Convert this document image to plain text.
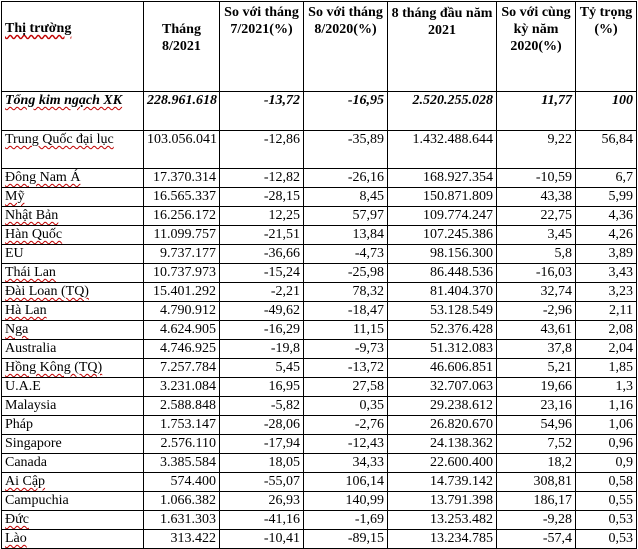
Thị trường	Tháng 8/2021	So với tháng 7/2021(%)	So với tháng 8/2020(%)	8 tháng đầu năm 2021	So với cùng kỳ năm 2020(%)	Tỷ trọng (%)
Tổng kim ngạch XK	228.961.618	-13,72	-16,95	2.520.255.028	11,77	100
Trung Quốc đại lục	103.056.041	-12,86	-35,89	1.432.488.644	9,22	56,84
Đông Nam Á	17.370.314	-12,82	-26,16	168.927.354	-10,59	6,7
Mỹ	16.565.337	-28,15	8,45	150.871.809	43,38	5,99
Nhật Bản	16.256.172	12,25	57,97	109.774.247	22,75	4,36
Hàn Quốc	11.099.757	-21,51	13,84	107.245.386	3,45	4,26
EU	9.737.177	-36,66	-4,73	98.156.300	5,8	3,89
Thái Lan	10.737.973	-15,24	-25,98	86.448.536	-16,03	3,43
Đài Loan (TQ)	15.401.292	-2,21	78,32	81.404.370	32,74	3,23
Hà Lan	4.790.912	-49,62	-18,47	53.128.549	-2,96	2,11
Nga	4.624.905	-16,29	11,15	52.376.428	43,61	2,08
Australia	4.746.925	-19,8	-9,73	51.312.083	37,8	2,04
Hồng Kông (TQ)	7.257.784	5,45	-13,72	46.606.851	5,21	1,85
U.A.E	3.231.084	16,95	27,58	32.707.063	19,66	1,3
Malaysia	2.588.848	-5,82	0,35	29.238.612	23,16	1,16
Pháp	1.753.147	-28,06	-2,76	26.820.670	54,96	1,06
Singapore	2.576.110	-17,94	-12,43	24.138.362	7,52	0,96
Canada	3.385.584	18,05	34,33	22.600.400	18,2	0,9
Ai Cập	574.400	-55,07	106,14	14.739.142	308,81	0,58
Campuchia	1.066.382	26,93	140,99	13.791.398	186,17	0,55
Đức	1.631.303	-41,16	-1,69	13.253.482	-9,28	0,53
Lào	313.422	-10,41	-89,15	13.234.785	-57,4	0,53
